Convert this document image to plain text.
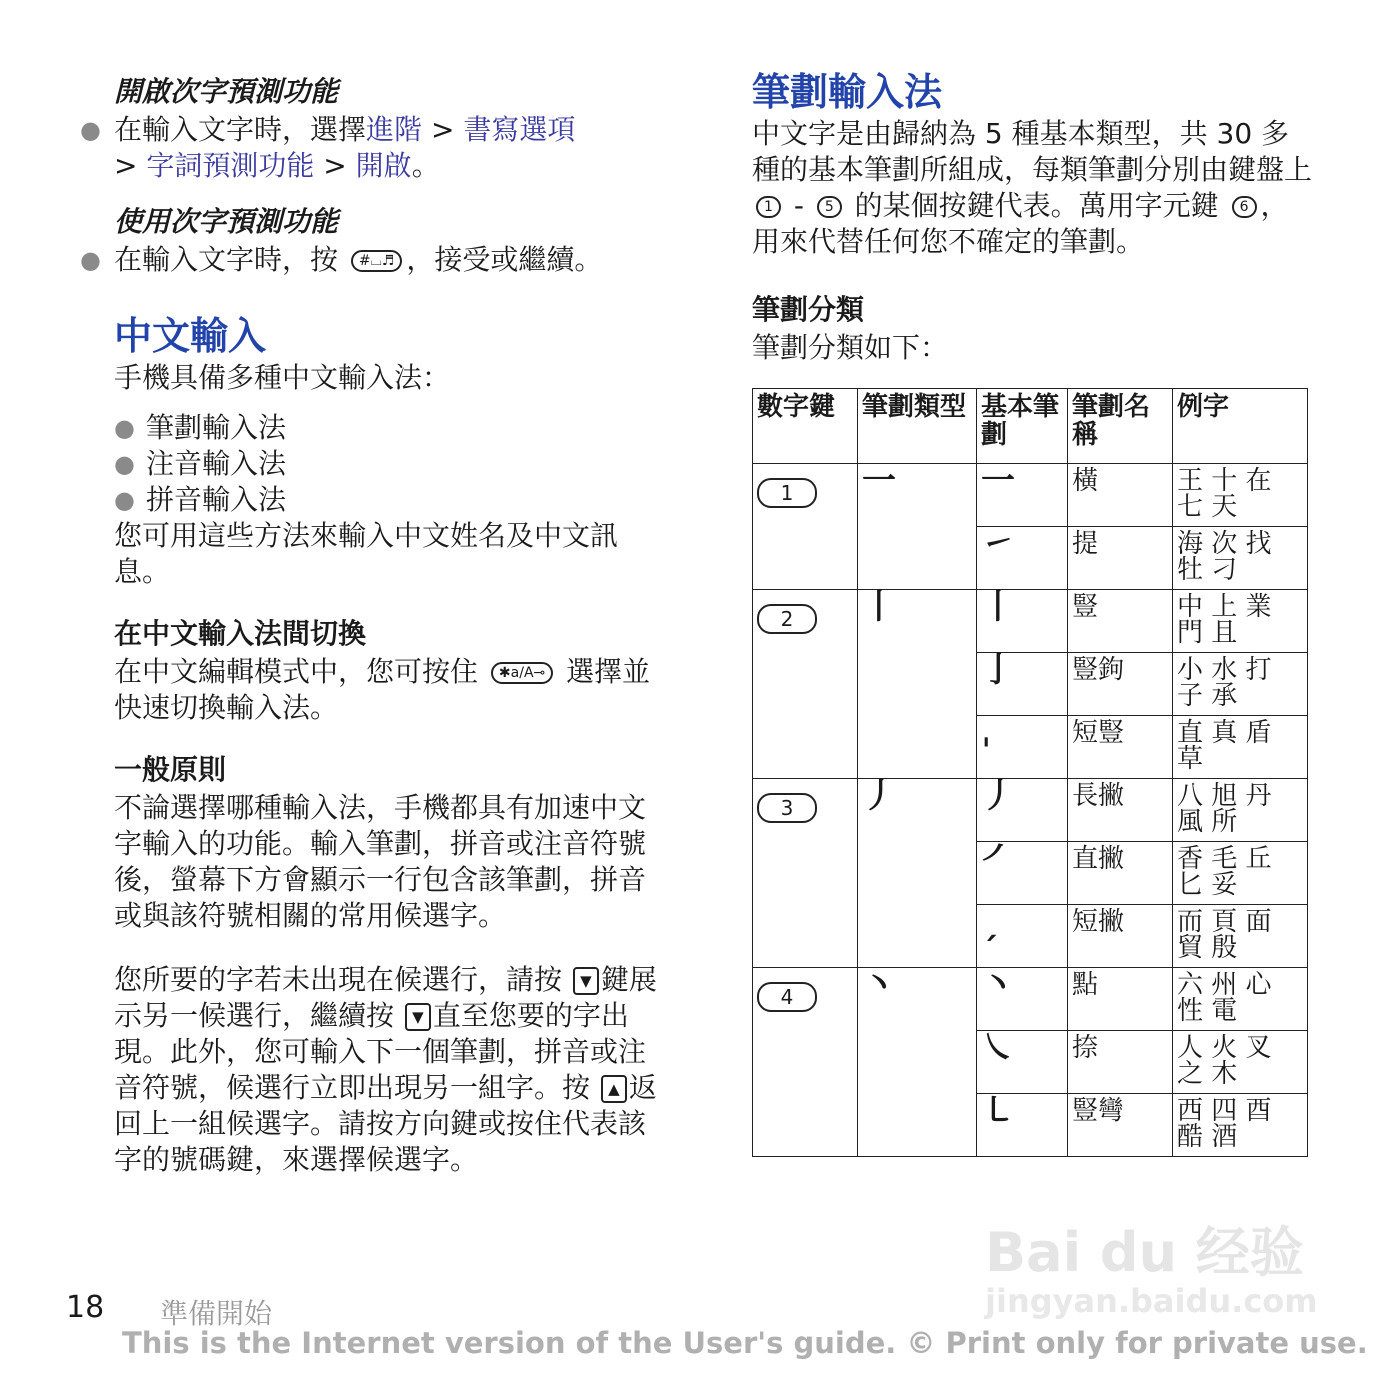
開啟次字預測功能
● 在輸入文字時，選擇進階 > 書寫選項
> 字詞預測功能 > 開啟。
使用次字預測功能
● 在輸入文字時，按 #⌴♬ ，接受或繼續。
中文輸入
手機具備多種中文輸入法：
● 筆劃輸入法
● 注音輸入法
● 拼音輸入法
您可用這些方法來輸入中文姓名及中文訊息。
在中文輸入法間切換
在中文編輯模式中，您可按住 ✱a/A⊸ 選擇並快速切換輸入法。
一般原則
不論選擇哪種輸入法，手機都具有加速中文字輸入的功能。輸入筆劃，拼音或注音符號後，螢幕下方會顯示一行包含該筆劃，拼音或與該符號相關的常用候選字。
您所要的字若未出現在候選行，請按 ▼ 鍵展示另一候選行，繼續按 ▼ 直至您要的字出現。此外，您可輸入下一個筆劃，拼音或注音符號，候選行立即出現另一組字。按 ▲ 返回上一組候選字。請按方向鍵或按住代表該字的號碼鍵，來選擇候選字。
筆劃輸入法
中文字是由歸納為 5 種基本類型，共 30 多種的基本筆劃所組成，每類筆劃分別由鍵盤上 1 - 5 的某個按鍵代表。萬用字元鍵 6 ，用來代替任何您不確定的筆劃。
筆劃分類
筆劃分類如下：
數字鍵	筆劃類型	基本筆劃	筆劃名稱	例字
1	一	一	橫	王 十 在 七 天
		㇀	提	海 次 找 牡 刁
2	丨	丨	豎	中 上 業 門 且
		亅	豎鉤	小 水 打 子 承
		ˌ	短豎	直 真 盾 草
3	丿	丿	長撇	八 旭 丹 風 所
		㇒	直撇	香 毛 丘 匕 妥
		ˏ	短撇	而 頁 面 貿 殷
4	丶	丶	點	六 州 心 性 電
		㇏	捺	人 火 叉 之 木
		㇄	豎彎	西 四 酉 酷 酒
18 準備開始
This is the Internet version of the User's guide. © Print only for private use.
Bai du 经验
jingyan.baidu.com
